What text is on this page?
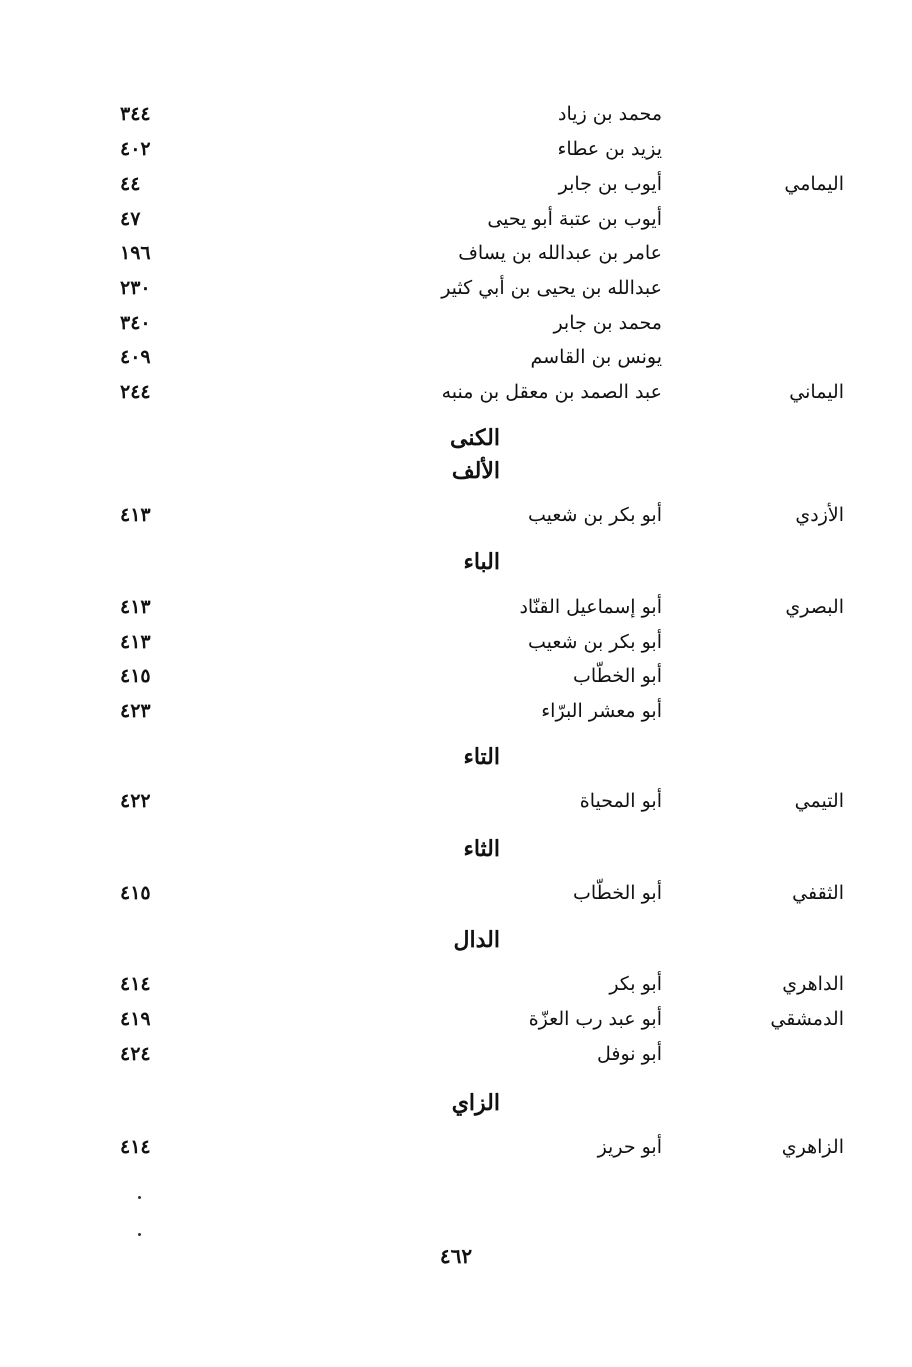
محمد بن زياد
٣٤٤
يزيد بن عطاء
٤٠٢
اليمامي
أيوب بن جابر
٤٤
أيوب بن عتبة أبو يحيى
٤٧
عامر بن عبدالله بن يساف
١٩٦
عبدالله بن يحيى بن أبي كثير
٢٣٠
محمد بن جابر
٣٤٠
يونس بن القاسم
٤٠٩
اليماني
عبد الصمد بن معقل بن منبه
٢٤٤
الكنى
الألف
الأزدي
أبو بكر بن شعيب
٤١٣
الباء
البصري
أبو إسماعيل القنّاد
٤١٣
أبو بكر بن شعيب
٤١٣
أبو الخطّاب
٤١٥
أبو معشر البرّاء
٤٢٣
التاء
التيمي
أبو المحياة
٤٢٢
الثاء
الثقفي
أبو الخطّاب
٤١٥
الدال
الداهري
أبو بكر
٤١٤
الدمشقي
أبو عبد رب العزّة
٤١٩
أبو نوفل
٤٢٤
الزاي
الزاهري
أبو حريز
٤١٤
٤٦٢
